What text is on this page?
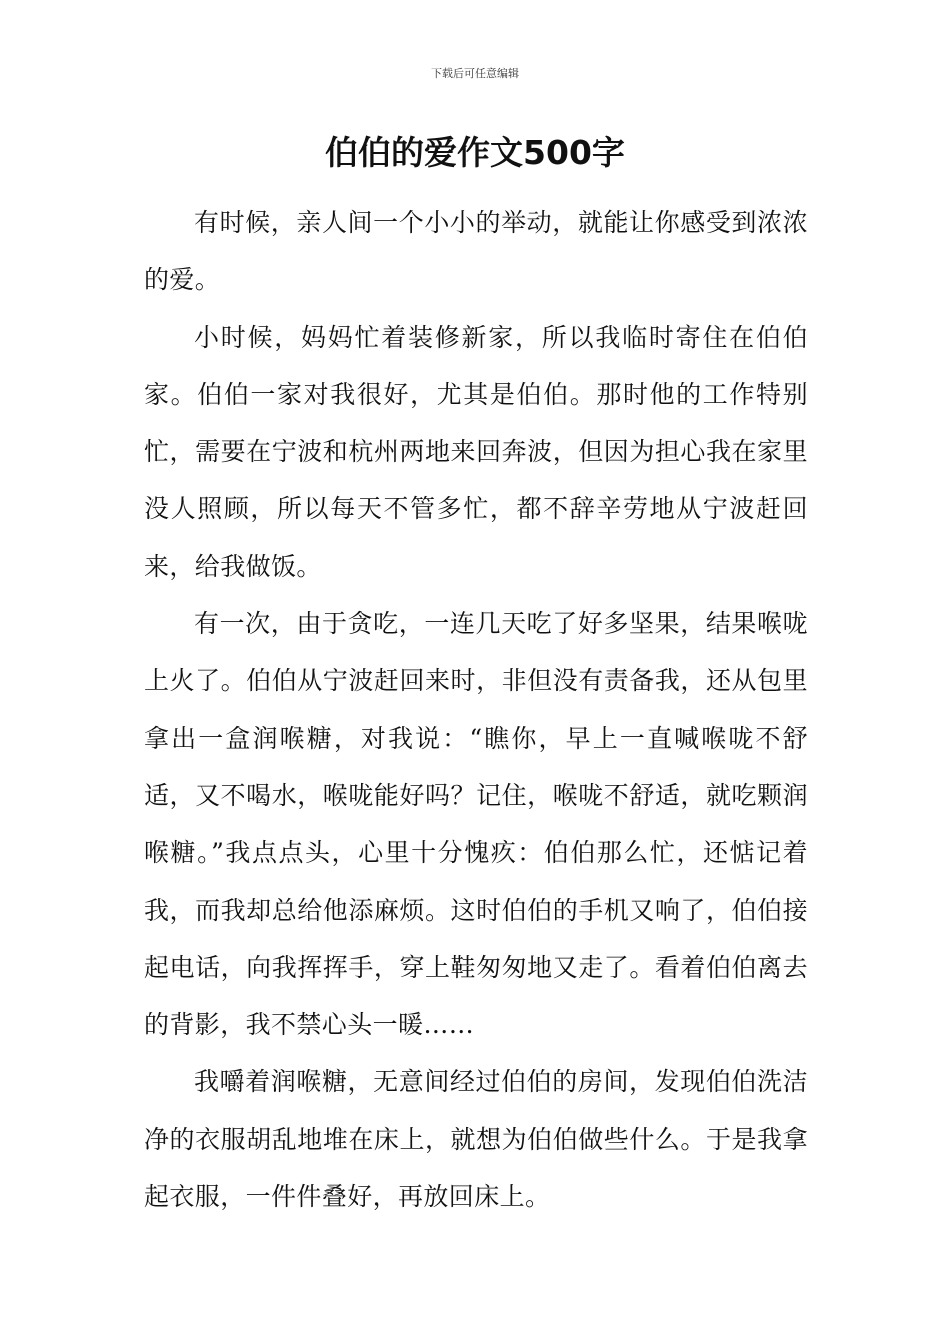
下载后可任意编辑
伯伯的爱作文500字

有时候，亲人间一个小小的举动，就能让你感受到浓浓的爱。

小时候，妈妈忙着装修新家，所以我临时寄住在伯伯家。伯伯一家对我很好，尤其是伯伯。那时他的工作特别忙，需要在宁波和杭州两地来回奔波，但因为担心我在家里没人照顾，所以每天不管多忙，都不辞辛劳地从宁波赶回来，给我做饭。

有一次，由于贪吃，一连几天吃了好多坚果，结果喉咙上火了。伯伯从宁波赶回来时，非但没有责备我，还从包里拿出一盒润喉糖，对我说：“瞧你，早上一直喊喉咙不舒适，又不喝水，喉咙能好吗？记住，喉咙不舒适，就吃颗润喉糖。”我点点头，心里十分愧疚：伯伯那么忙，还惦记着我，而我却总给他添麻烦。这时伯伯的手机又响了，伯伯接起电话，向我挥挥手，穿上鞋匆匆地又走了。看着伯伯离去的背影，我不禁心头一暖……

我嚼着润喉糖，无意间经过伯伯的房间，发现伯伯洗洁净的衣服胡乱地堆在床上，就想为伯伯做些什么。于是我拿起衣服，一件件叠好，再放回床上。
